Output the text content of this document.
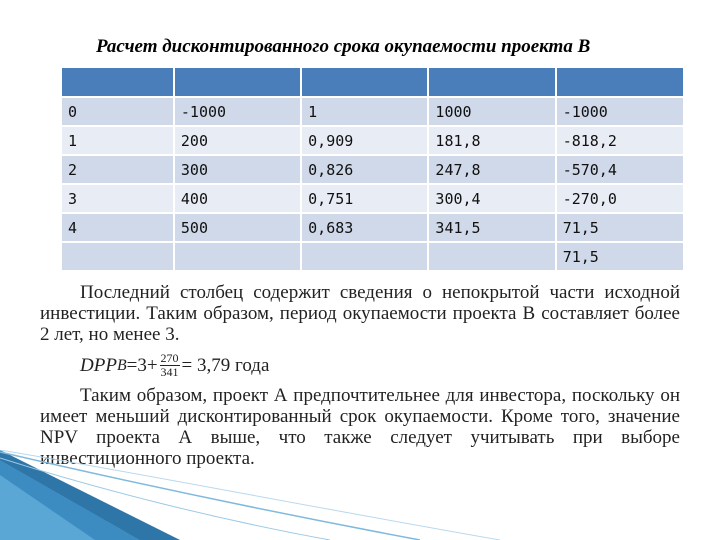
Расчет дисконтированного срока окупаемости проекта В

0	-1000	1	1000	-1000
1	200	0,909	181,8	-818,2
2	300	0,826	247,8	-570,4
3	400	0,751	300,4	-270,0
4	500	0,683	341,5	71,5
				71,5

Последний столбец содержит сведения о непокрытой части исходной инвестиции. Таким образом, период окупаемости проекта В составляет более 2 лет, но менее 3.

DPP $B =3+ \frac{270}{341} = 3,79$ года

Таким образом, проект А предпочтительнее для инвестора, поскольку он имеет меньший дисконтированный срок окупаемости. Кроме того, значение NPV проекта А выше, что также следует учитывать при выборе инвестиционного проекта.
